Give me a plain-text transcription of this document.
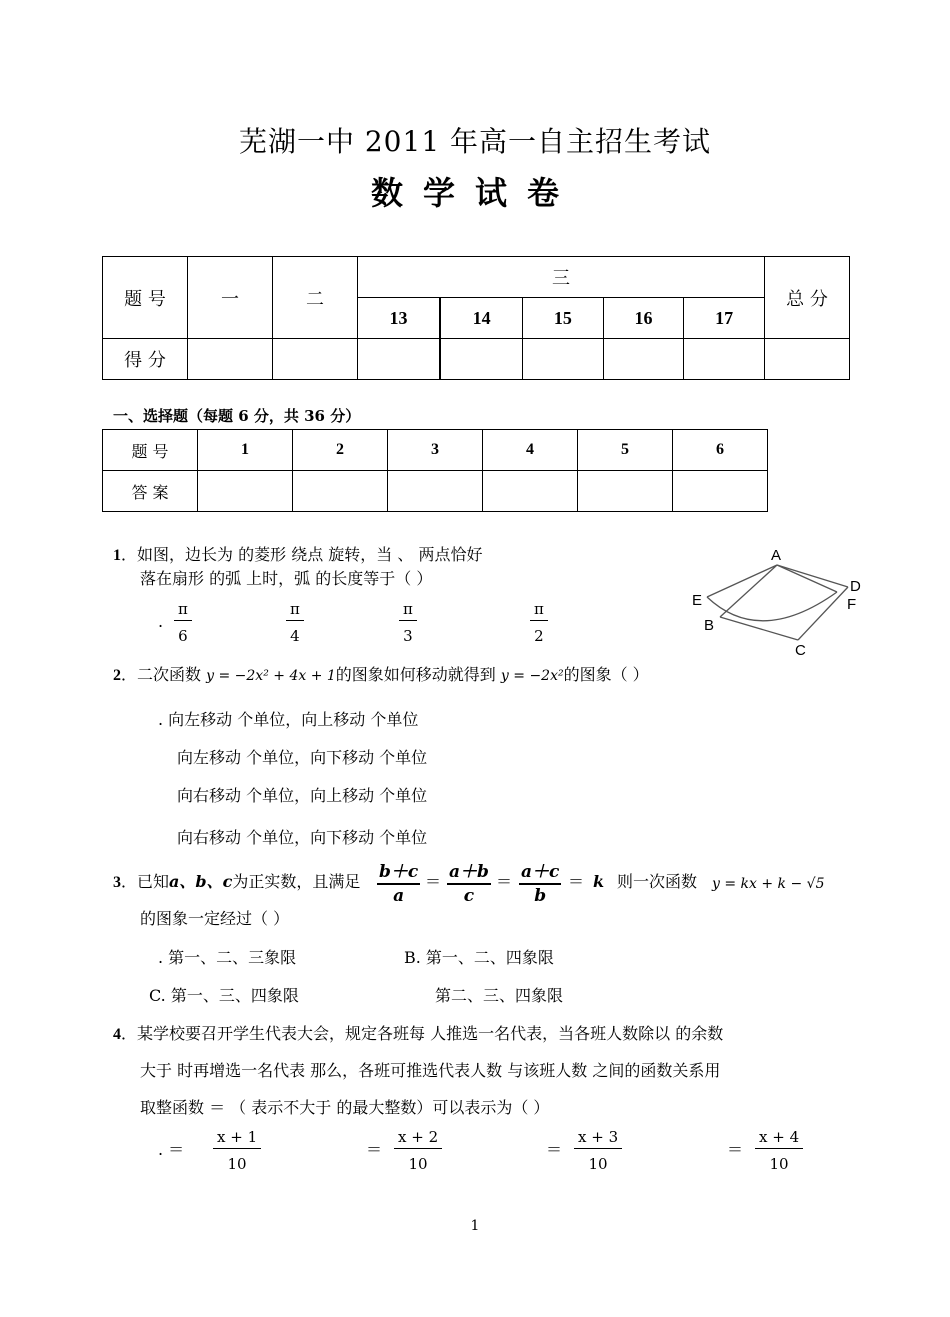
芜湖一中 2011 年高一自主招生考试
数学试卷
题 号	一	二	三					总 分
			13	14	15	16	17	
得 分								
一、选择题（每题 6 分，共 36 分）
题 号	1	2	3	4	5	6
答 案						
1．如图，边长为 的菱形 绕点 旋转，当 、 两点恰好
落在扇形 的弧 上时，弧 的长度等于（ ）
. $\frac{\pi}{6}$	$\frac{\pi}{4}$	$\frac{\pi}{3}$	$\frac{\pi}{2}$
A
D
E	F
B
C
2．二次函数 y = −2x² + 4x + 1的图象如何移动就得到 y = −2x²的图象（ ）
. 向左移动 个单位，向上移动 个单位
向左移动 个单位，向下移动 个单位
向右移动 个单位，向上移动 个单位
向右移动 个单位，向下移动 个单位
3．已知a、b、c为正实数，且满足 $\frac{b+c}{a} = \frac{a+b}{c} = \frac{a+c}{b} = k$ 则一次函数 y = kx + k − √5
的图象一定经过（ ）
. 第一、二、三象限	B. 第一、二、四象限
C. 第一、三、四象限	第二、三、四象限
4．某学校要召开学生代表大会，规定各班每 人推选一名代表，当各班人数除以 的余数
大于 时再增选一名代表 那么，各班可推选代表人数 与该班人数 之间的函数关系用
取整函数 ＝ （ 表示不大于 的最大整数）可以表示为（ ）
. ＝ $\frac{x + 1}{10}$	＝ $\frac{x + 2}{10}$	＝ $\frac{x + 3}{10}$	＝ $\frac{x + 4}{10}$
1
